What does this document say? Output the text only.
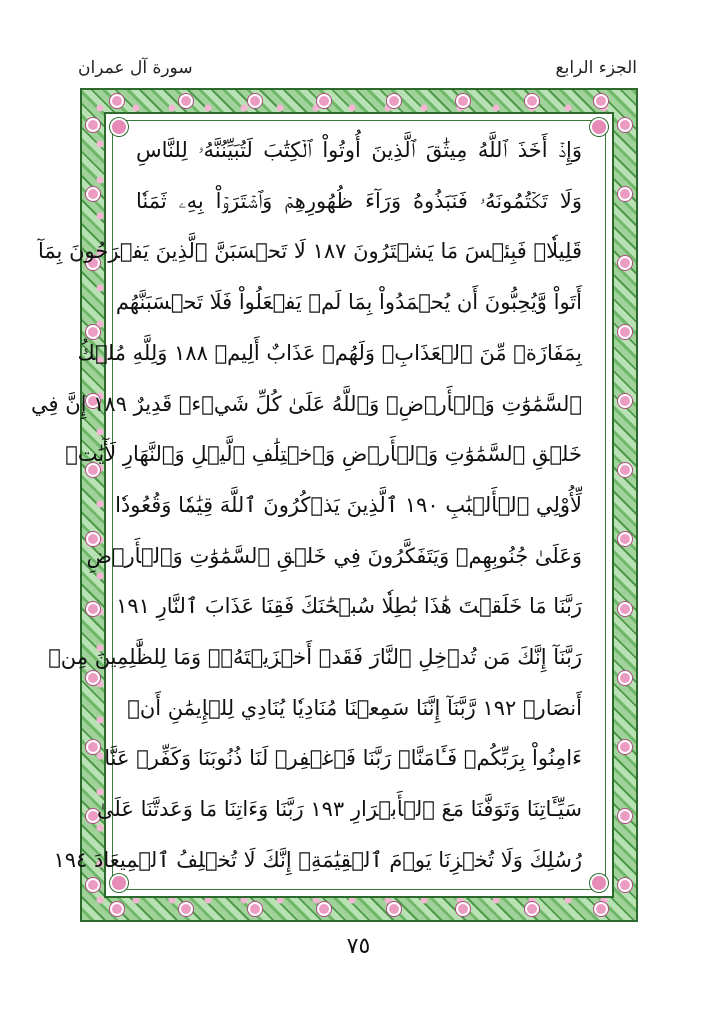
سورة آل عمران	الجزء الرابع
وَإِذۡ أَخَذَ ٱللَّهُ مِيثَٰقَ ٱلَّذِينَ أُوتُواْ ٱلۡكِتَٰبَ لَتُبَيِّنُنَّهُۥ لِلنَّاسِ
وَلَا تَكۡتُمُونَهُۥ فَنَبَذُوهُ وَرَآءَ ظُهُورِهِمۡ وَٱشۡتَرَوۡاْ بِهِۦ ثَمَنٗا
قَلِيلٗاۖ فَبِئۡسَ مَا يَشۡتَرُونَ ١٨٧ لَا تَحۡسَبَنَّ ٱلَّذِينَ يَفۡرَحُونَ بِمَآ
أَتَواْ وَّيُحِبُّونَ أَن يُحۡمَدُواْ بِمَا لَمۡ يَفۡعَلُواْ فَلَا تَحۡسَبَنَّهُم
بِمَفَازَةٖ مِّنَ ٱلۡعَذَابِۖ وَلَهُمۡ عَذَابٌ أَلِيمٞ ١٨٨ وَلِلَّهِ مُلۡكُ
ٱلسَّمَٰوَٰتِ وَٱلۡأَرۡضِۗ وَٱللَّهُ عَلَىٰ كُلِّ شَيۡءٖ قَدِيرٌ ١٨٩ إِنَّ فِي
خَلۡقِ ٱلسَّمَٰوَٰتِ وَٱلۡأَرۡضِ وَٱخۡتِلَٰفِ ٱلَّيۡلِ وَٱلنَّهَارِ لَأٓيَٰتٖ
لِّأُوْلِي ٱلۡأَلۡبَٰبِ ١٩٠ ٱلَّذِينَ يَذۡكُرُونَ ٱللَّهَ قِيَٰمٗا وَقُعُودٗا
وَعَلَىٰ جُنُوبِهِمۡ وَيَتَفَكَّرُونَ فِي خَلۡقِ ٱلسَّمَٰوَٰتِ وَٱلۡأَرۡضِ
رَبَّنَا مَا خَلَقۡتَ هَٰذَا بَٰطِلٗا سُبۡحَٰنَكَ فَقِنَا عَذَابَ ٱلنَّارِ ١٩١
رَبَّنَآ إِنَّكَ مَن تُدۡخِلِ ٱلنَّارَ فَقَدۡ أَخۡزَيۡتَهُۥۖ وَمَا لِلظَّٰلِمِينَ مِنۡ
أَنصَارٖ ١٩٢ رَّبَّنَآ إِنَّنَا سَمِعۡنَا مُنَادِيٗا يُنَادِي لِلۡإِيمَٰنِ أَنۡ
ءَامِنُواْ بِرَبِّكُمۡ فَـَٔامَنَّاۚ رَبَّنَا فَٱغۡفِرۡ لَنَا ذُنُوبَنَا وَكَفِّرۡ عَنَّا
سَيِّـَٔاتِنَا وَتَوَفَّنَا مَعَ ٱلۡأَبۡرَارِ ١٩٣ رَبَّنَا وَءَاتِنَا مَا وَعَدتَّنَا عَلَىٰ
رُسُلِكَ وَلَا تُخۡزِنَا يَوۡمَ ٱلۡقِيَٰمَةِۖ إِنَّكَ لَا تُخۡلِفُ ٱلۡمِيعَادَ ١٩٤
٧٥
